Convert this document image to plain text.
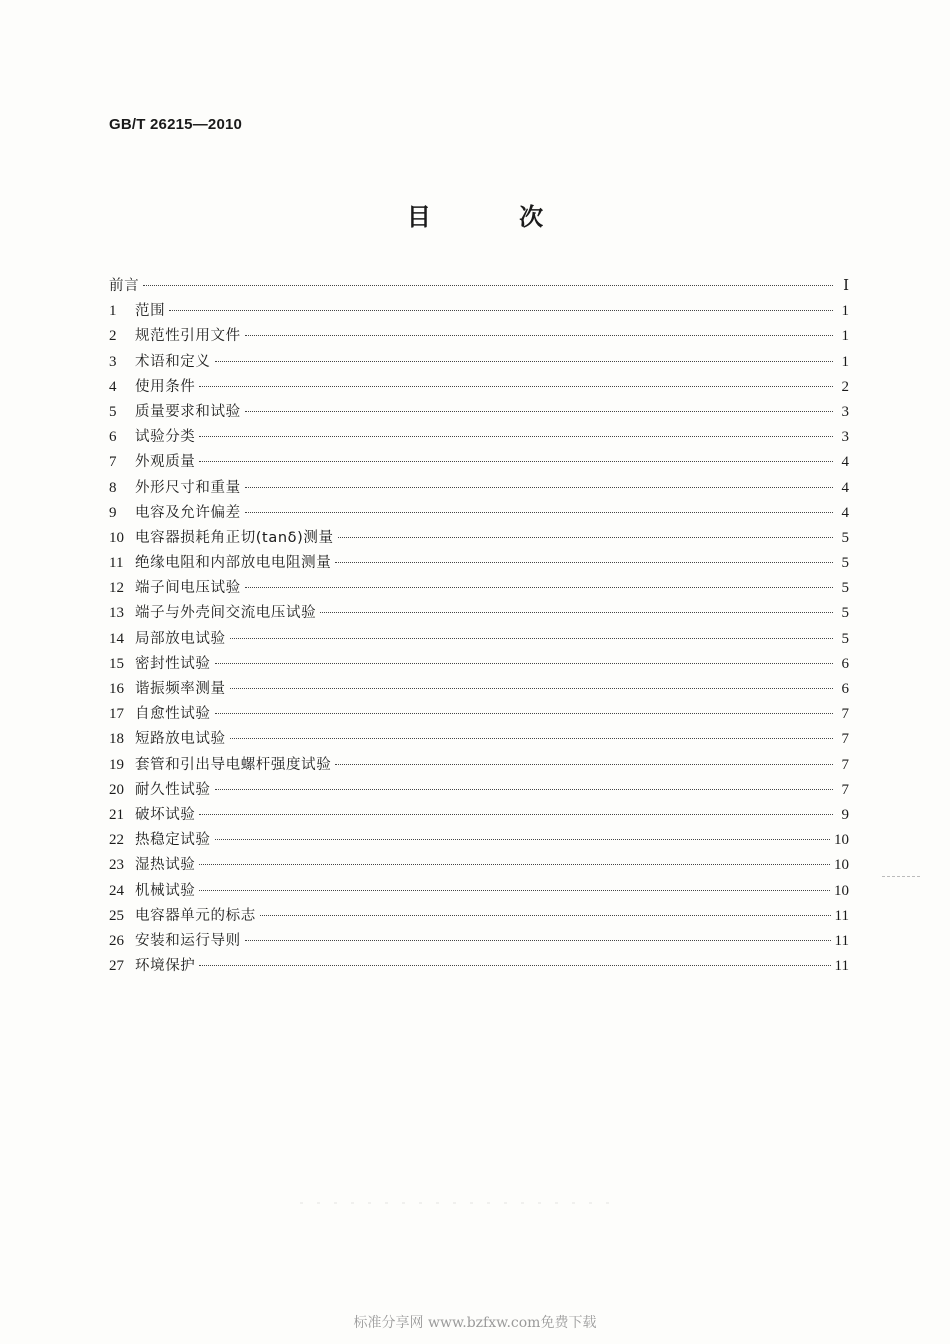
GB/T 26215—2010
目 次
前言	Ⅰ
1	范围	1
2	规范性引用文件	1
3	术语和定义	1
4	使用条件	2
5	质量要求和试验	3
6	试验分类	3
7	外观质量	4
8	外形尺寸和重量	4
9	电容及允许偏差	4
10 电容器损耗角正切(tanδ)测量	5
11 绝缘电阻和内部放电电阻测量	5
12 端子间电压试验	5
13 端子与外壳间交流电压试验	5
14 局部放电试验	5
15 密封性试验	6
16 谐振频率测量	6
17 自愈性试验	7
18 短路放电试验	7
19 套管和引出导电螺杆强度试验	7
20 耐久性试验	7
21 破坏试验	9
22 热稳定试验	10
23 湿热试验	10
24 机械试验	10
25 电容器单元的标志	11
26 安装和运行导则	11
27 环境保护	11
标准分享网 www.bzfxw.com免费下载
